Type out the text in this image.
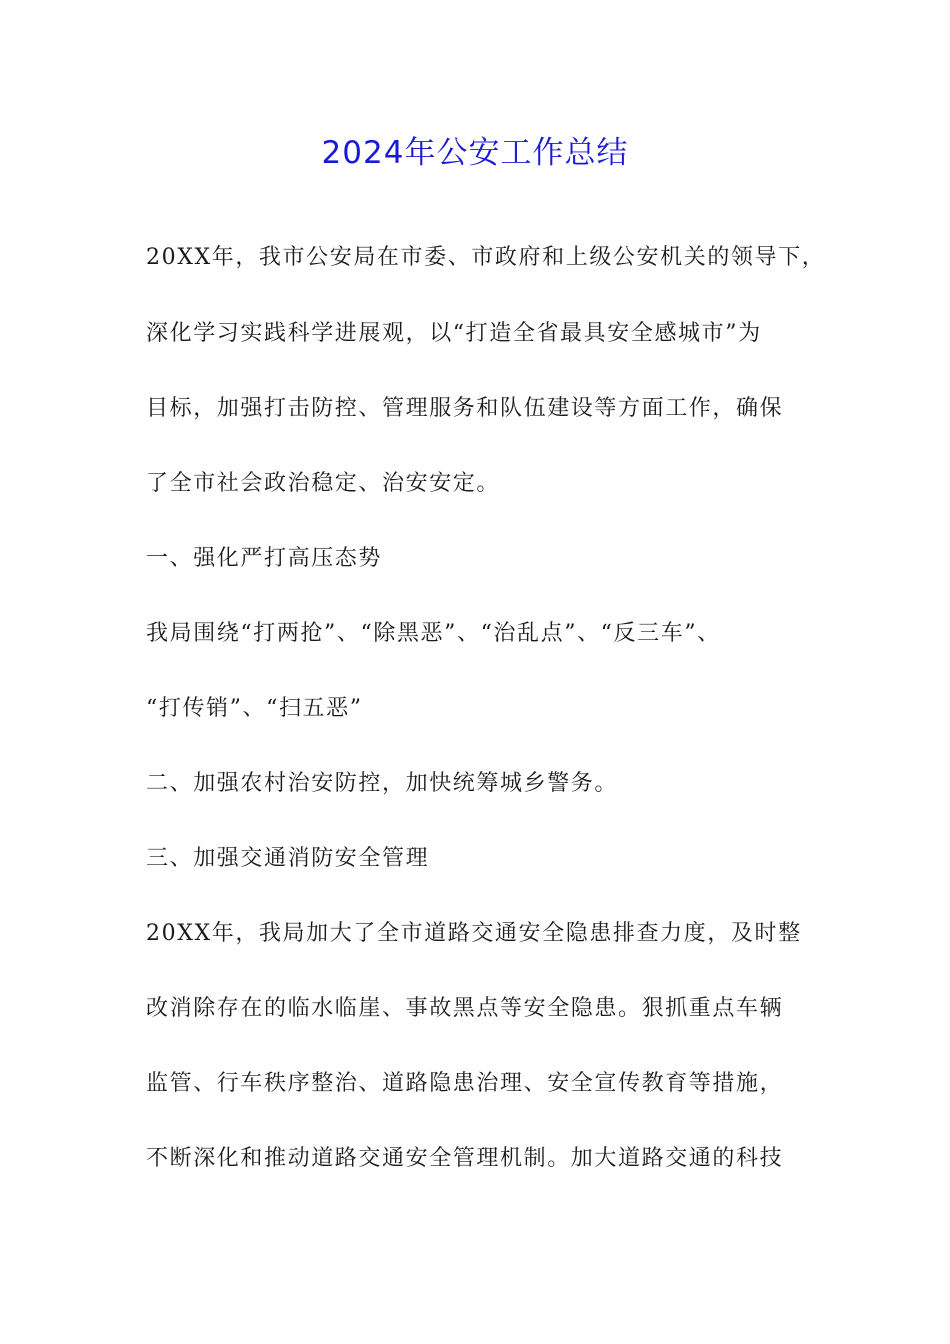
2024年公安工作总结

20XX年，我市公安局在市委、市政府和上级公安机关的领导下，

深化学习实践科学进展观，以“打造全省最具安全感城市”为

目标，加强打击防控、管理服务和队伍建设等方面工作，确保

了全市社会政治稳定、治安安定。

一、强化严打高压态势

我局围绕“打两抢”、“除黑恶”、“治乱点”、“反三车”、

“打传销”、“扫五恶”

二、加强农村治安防控，加快统筹城乡警务。

三、加强交通消防安全管理

20XX年，我局加大了全市道路交通安全隐患排查力度，及时整

改消除存在的临水临崖、事故黑点等安全隐患。狠抓重点车辆

监管、行车秩序整治、道路隐患治理、安全宣传教育等措施，

不断深化和推动道路交通安全管理机制。加大道路交通的科技
